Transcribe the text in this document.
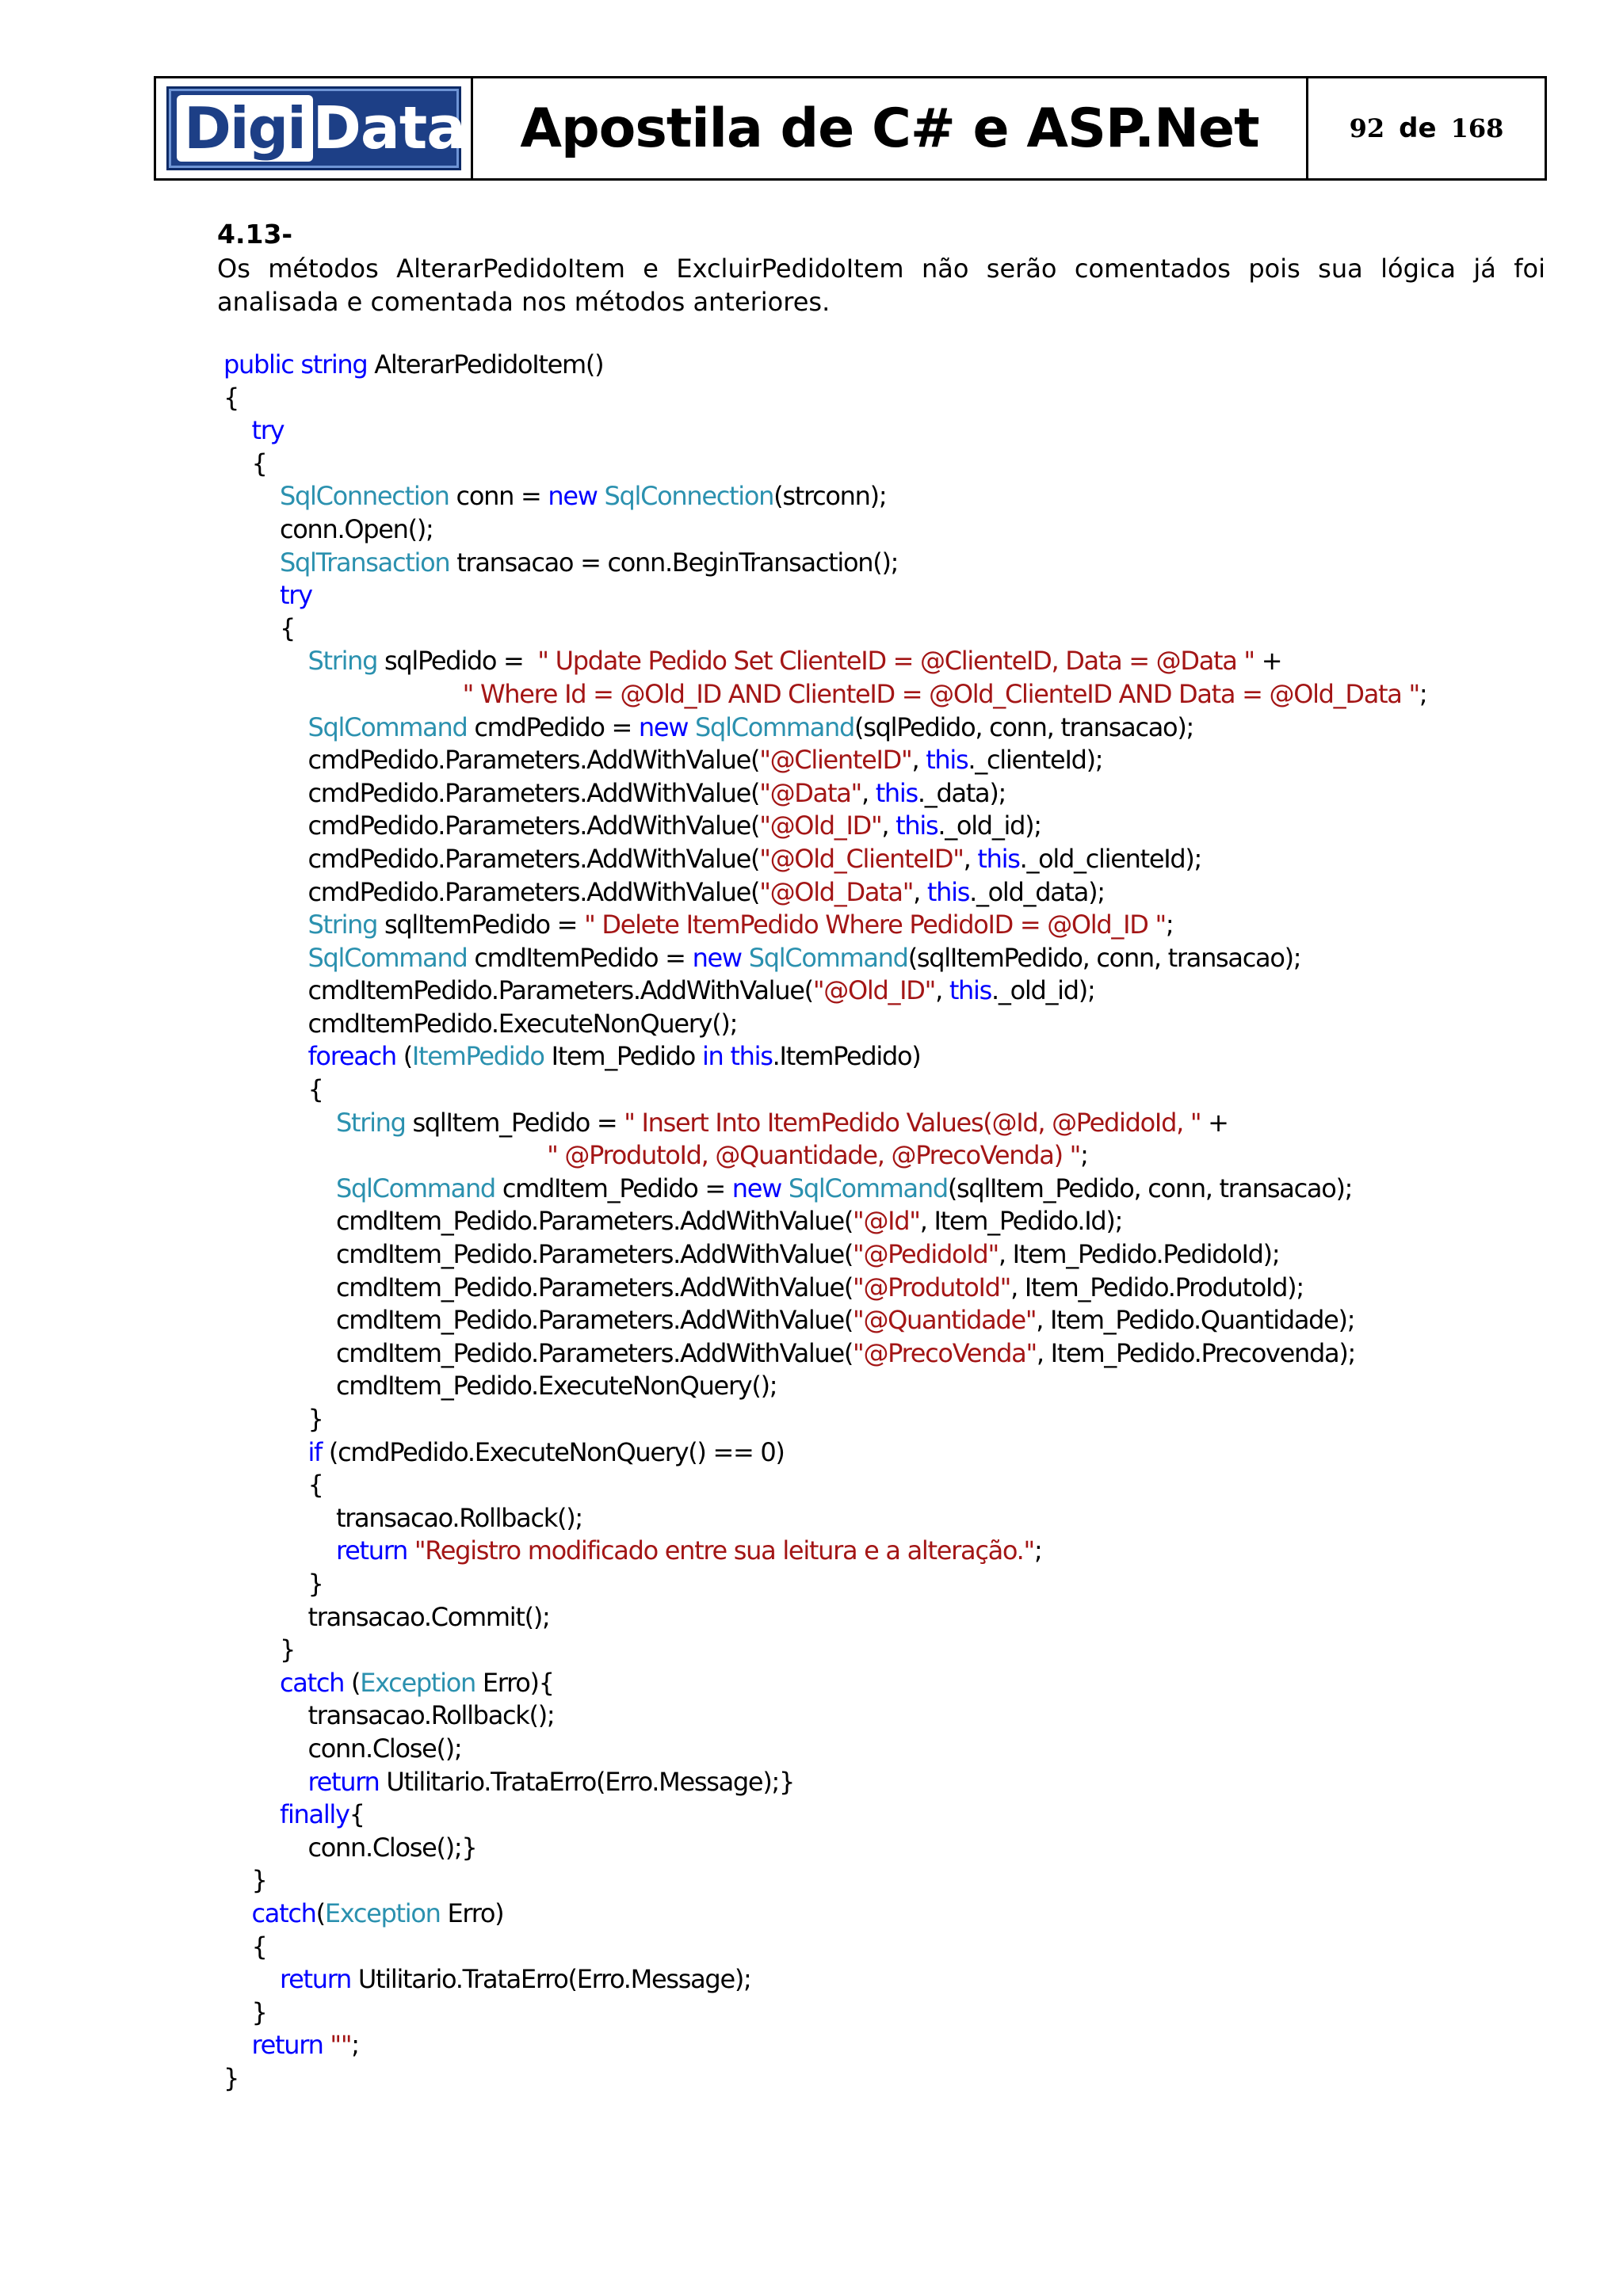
Digi Data Apostila de C# e ASP.Net	92 de 168
4.13-
Os métodos AlterarPedidoItem e ExcluirPedidoItem não serão comentados pois sua lógica já foi analisada e comentada nos métodos anteriores.
public string AlterarPedidoItem()
{
try
{
SqlConnection conn = new SqlConnection(strconn);
conn.Open();
SqlTransaction transacao = conn.BeginTransaction();
try
{
String sqlPedido =  " Update Pedido Set ClienteID = @ClienteID, Data = @Data " +
" Where Id = @Old_ID AND ClienteID = @Old_ClienteID AND Data = @Old_Data ";
SqlCommand cmdPedido = new SqlCommand(sqlPedido, conn, transacao);
cmdPedido.Parameters.AddWithValue("@ClienteID", this._clienteId);
cmdPedido.Parameters.AddWithValue("@Data", this._data);
cmdPedido.Parameters.AddWithValue("@Old_ID", this._old_id);
cmdPedido.Parameters.AddWithValue("@Old_ClienteID", this._old_clienteId);
cmdPedido.Parameters.AddWithValue("@Old_Data", this._old_data);
String sqlItemPedido = " Delete ItemPedido Where PedidoID = @Old_ID ";
SqlCommand cmdItemPedido = new SqlCommand(sqlItemPedido, conn, transacao);
cmdItemPedido.Parameters.AddWithValue("@Old_ID", this._old_id);
cmdItemPedido.ExecuteNonQuery();
foreach (ItemPedido Item_Pedido in this.ItemPedido)
{
String sqlItem_Pedido = " Insert Into ItemPedido Values(@Id, @PedidoId, " +
" @ProdutoId, @Quantidade, @PrecoVenda) ";
SqlCommand cmdItem_Pedido = new SqlCommand(sqlItem_Pedido, conn, transacao);
cmdItem_Pedido.Parameters.AddWithValue("@Id", Item_Pedido.Id);
cmdItem_Pedido.Parameters.AddWithValue("@PedidoId", Item_Pedido.PedidoId);
cmdItem_Pedido.Parameters.AddWithValue("@ProdutoId", Item_Pedido.ProdutoId);
cmdItem_Pedido.Parameters.AddWithValue("@Quantidade", Item_Pedido.Quantidade);
cmdItem_Pedido.Parameters.AddWithValue("@PrecoVenda", Item_Pedido.Precovenda);
cmdItem_Pedido.ExecuteNonQuery();
}
if (cmdPedido.ExecuteNonQuery() == 0)
{
transacao.Rollback();
return "Registro modificado entre sua leitura e a alteração.";
}
transacao.Commit();
}
catch (Exception Erro){
transacao.Rollback();
conn.Close();
return Utilitario.TrataErro(Erro.Message);}
finally{
conn.Close();}
}
catch(Exception Erro)
{
return Utilitario.TrataErro(Erro.Message);
}
return "";
}
